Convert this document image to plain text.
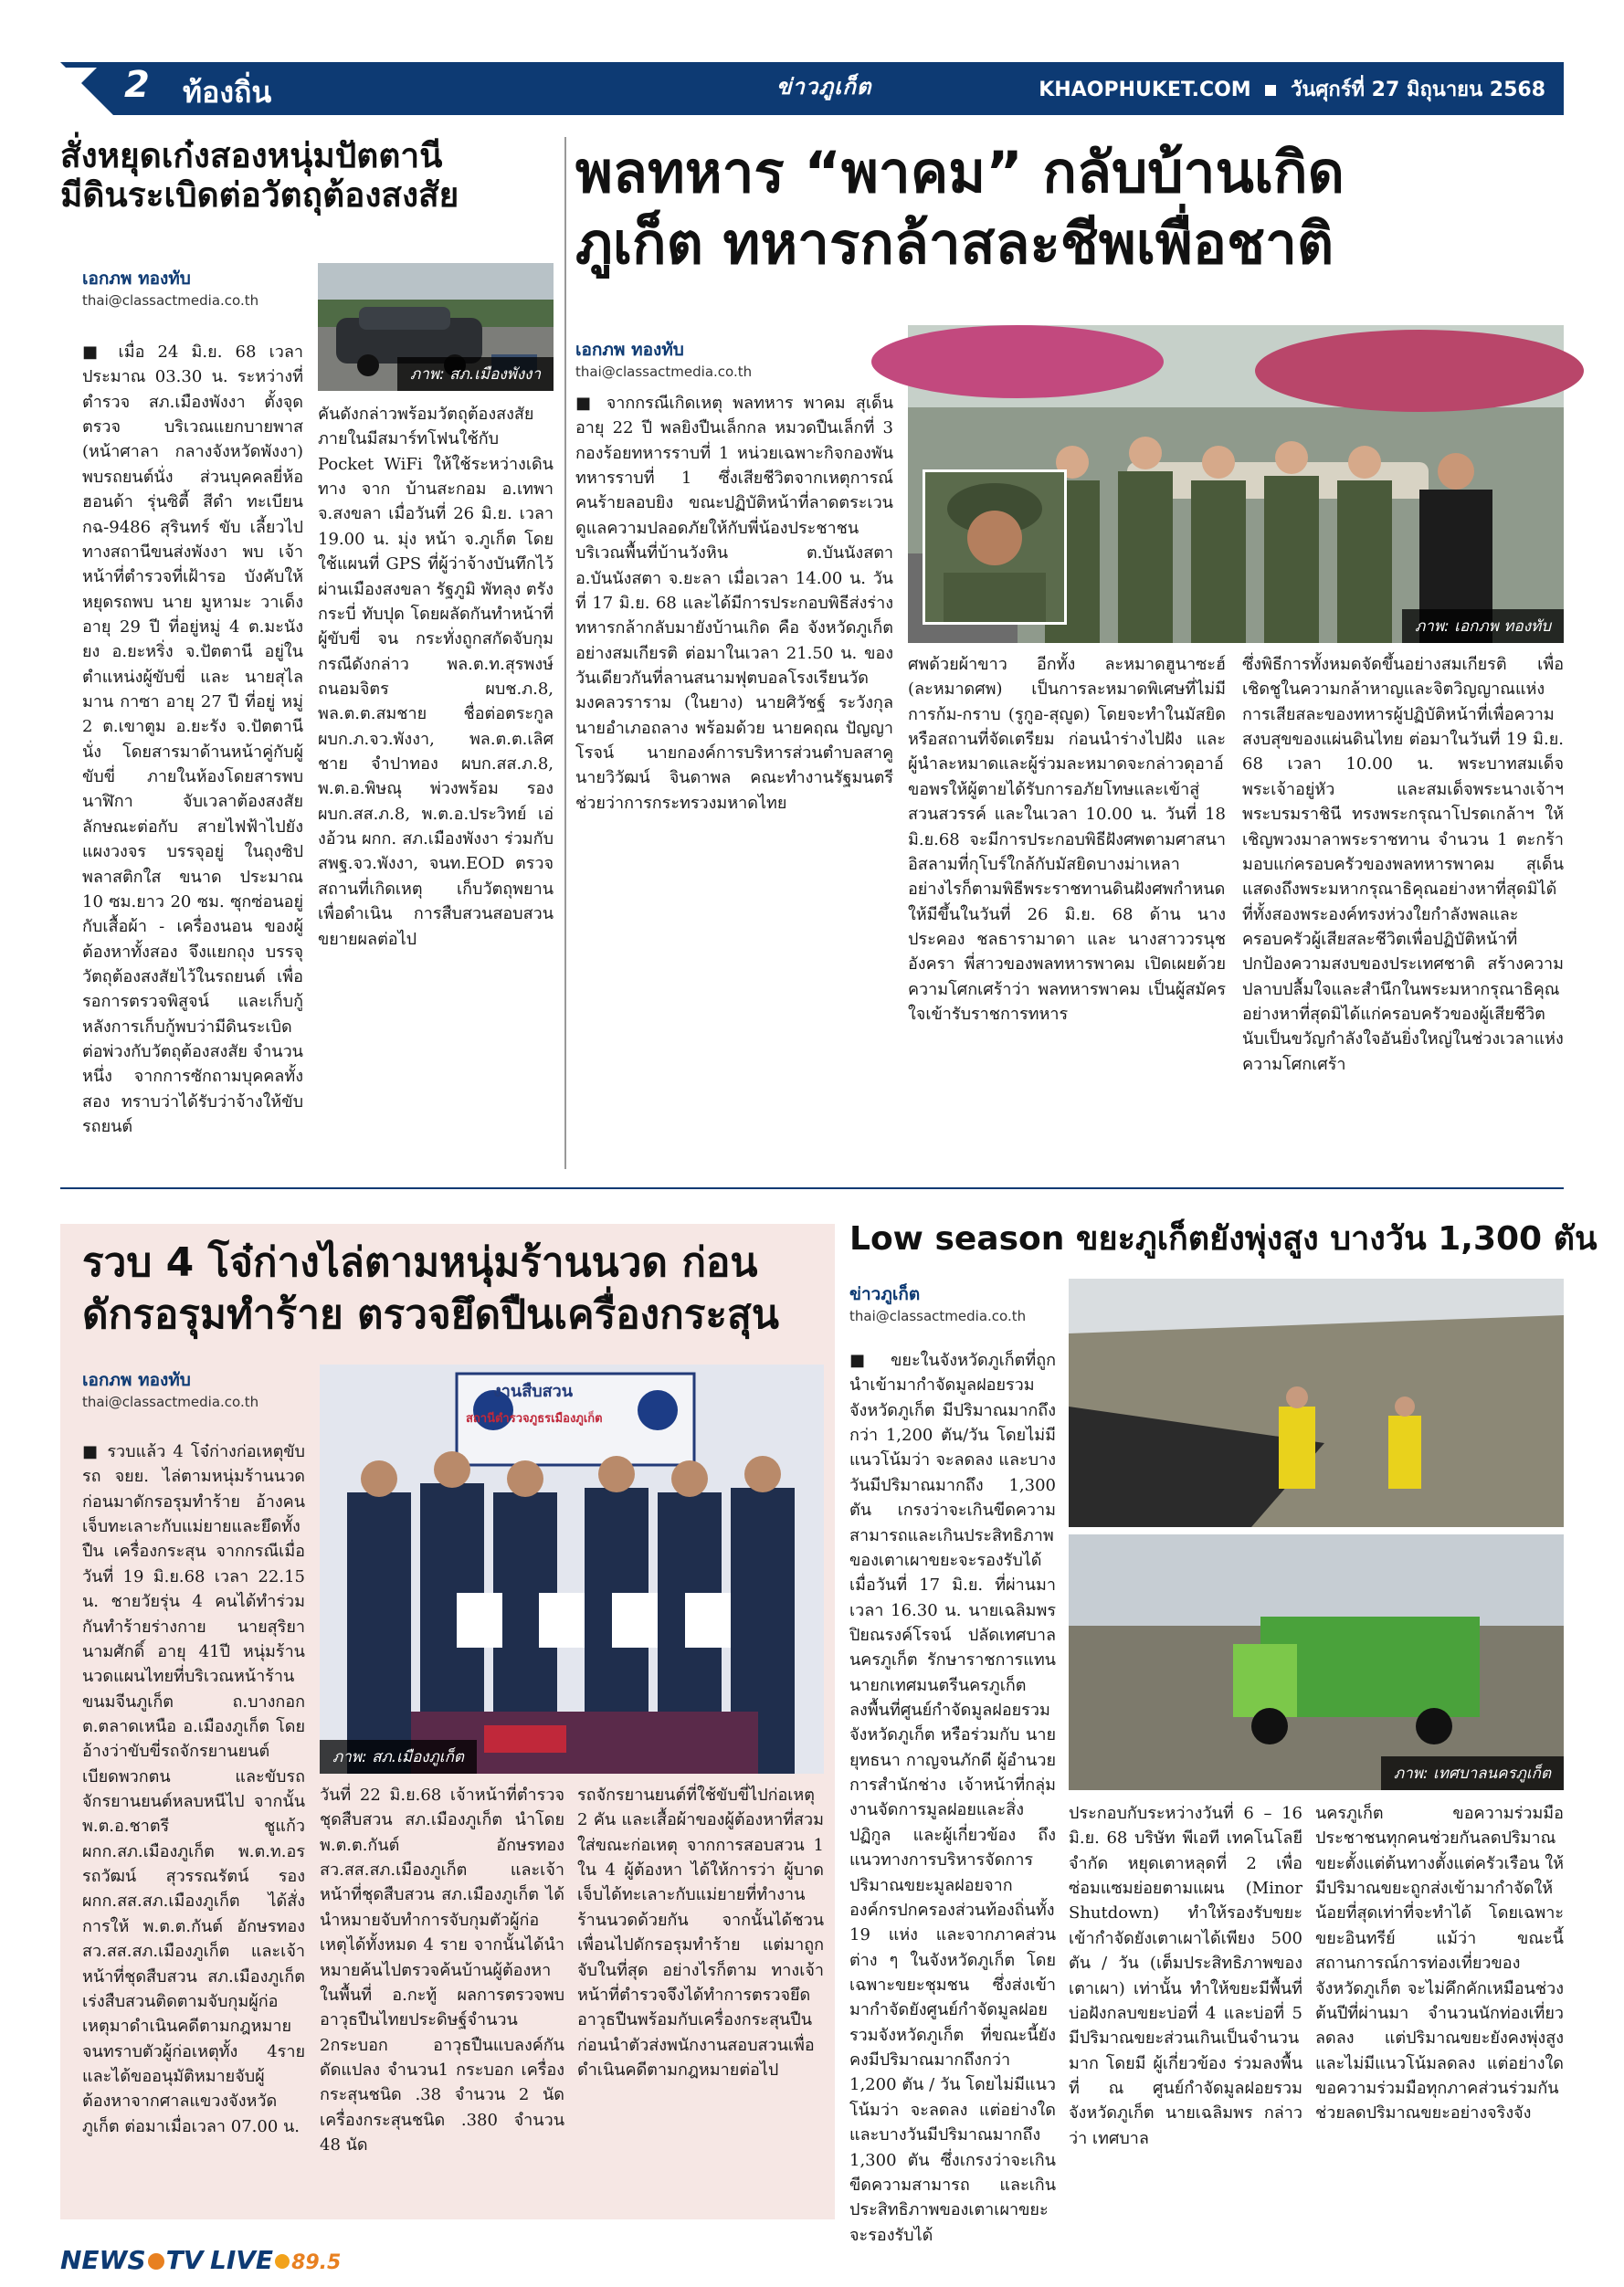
2 ท้องถิ่น	ข่าวภูเก็ต	KHAOPHUKET.COM วันศุกร์ที่ 27 มิถุนายน 2568
สั่งหยุดเก๋งสองหนุ่มปัตตานี
มีดินระเบิดต่อวัตถุต้องสงสัย
เอกภพ ทองทับ
thai@classactmedia.co.th
ภาพ: สภ.เมืองพังงา
■ เมื่อ 24 มิ.ย. 68 เวลา ประมาณ 03.30 น. ระหว่างที่ ตำรวจ สภ.เมืองพังงา ตั้งจุดตรวจ บริเวณแยกบายพาส (หน้าศาลา กลางจังหวัดพังงา) พบรถยนต์นั่ง ส่วนบุคคลยี่ห้อฮอนด้า รุ่นซิตี้ สีดำ ทะเบียน กฉ-9486 สุรินทร์ ขับ เลี้ยวไปทางสถานีขนส่งพังงา พบ เจ้าหน้าที่ตำรวจที่เฝ้ารอ บังคับให้หยุดรถพบ นาย มูหามะ วาเด็ง อายุ 29 ปี ที่อยู่หมู่ 4 ต.มะนังยง อ.ยะหริ่ง จ.ปัตตานี อยู่ในตำแหน่งผู้ขับขี่ และ นายสุไลมาน กาซา อายุ 27 ปี ที่อยู่ หมู่ 2 ต.เขาตูม อ.ยะรัง จ.ปัตตานี นั่ง โดยสารมาด้านหน้าคู่กับผู้ขับขี่ ภายในห้องโดยสารพบนาฬิกา จับเวลาต้องสงสัย ลักษณะต่อกับ สายไฟฟ้าไปยังแผงวงจร บรรจุอยู่ ในถุงซิปพลาสติกใส ขนาด ประมาณ 10 ซม.ยาว 20 ซม. ซุกซ่อนอยู่กับเสื้อผ้า - เครื่องนอน ของผู้ต้องหาทั้งสอง จึงแยกถุง บรรจุวัตถุต้องสงสัยไว้ในรถยนต์ เพื่อรอการตรวจพิสูจน์ และเก็บกู้ หลังการเก็บกู้พบว่ามีดินระเบิดต่อพ่วงกับวัตถุต้องสงสัย จำนวนหนึ่ง จากการซักถามบุคคลทั้งสอง ทราบว่าได้รับว่าจ้างให้ขับรถยนต์
คันดังกล่าวพร้อมวัตถุต้องสงสัย ภายในมีสมาร์ทโฟนใช้กับ Pocket WiFi ให้ใช้ระหว่างเดินทาง จาก บ้านสะกอม อ.เทพา จ.สงขลา เมื่อวันที่ 26 มิ.ย. เวลา 19.00 น. มุ่ง หน้า จ.ภูเก็ต โดยใช้แผนที่ GPS ที่ผู้ว่าจ้างบันทึกไว้ผ่านเมืองสงขลา รัฐภูมิ พัทลุง ตรัง กระบี่ ทับปุด โดยผลัดกันทำหน้าที่ผู้ขับขี่ จน กระทั่งถูกสกัดจับกุม กรณีดังกล่าว พล.ต.ท.สุรพงษ์ ถนอมจิตร ผบช.ภ.8, พล.ต.ต.สมชาย ชื่อต่อตระกูล ผบก.ภ.จว.พังงา, พล.ต.ต.เลิศชาย จำปาทอง ผบก.สส.ภ.8, พ.ต.อ.พิษณุ พ่วงพร้อม รอง ผบก.สส.ภ.8, พ.ต.อ.ประวิทย์ เอ่งอ้วน ผกก. สภ.เมืองพังงา ร่วมกับ สพฐ.จว.พังงา, จนท.EOD ตรวจสถานที่เกิดเหตุ เก็บวัตถุพยาน เพื่อดำเนิน การสืบสวนสอบสวนขยายผลต่อไป
พลทหาร “พาคม” กลับบ้านเกิด
ภูเก็ต ทหารกล้าสละชีพเพื่อชาติ
เอกภพ ทองทับ
thai@classactmedia.co.th
ภาพ: เอกภพ ทองทับ
■ จากกรณีเกิดเหตุ พลทหาร พาคม สุเด็น อายุ 22 ปี พลยิงปืนเล็กกล หมวดปืนเล็กที่ 3 กองร้อยทหารราบที่ 1 หน่วยเฉพาะกิจกองพันทหารราบที่ 1 ซึ่งเสียชีวิตจากเหตุการณ์คนร้ายลอบยิง ขณะปฏิบัติหน้าที่ลาดตระเวน ดูแลความปลอดภัยให้กับพี่น้องประชาชน บริเวณพื้นที่บ้านวังหิน ต.บันนังสตา อ.บันนังสตา จ.ยะลา เมื่อเวลา 14.00 น. วันที่ 17 มิ.ย. 68 และได้มีการประกอบพิธีส่งร่างทหารกล้ากลับมายังบ้านเกิด คือ จังหวัดภูเก็ต อย่างสมเกียรติ ต่อมาในเวลา 21.50 น. ของวันเดียวกันที่ลานสนามฟุตบอลโรงเรียนวัดมงคลวราราม (ในยาง) นายศิวัชฐ์ ระวังกุล นายอำเภอถลาง พร้อมด้วย นายคฤณ ปัญญาโรจน์ นายกองค์การบริหารส่วนตำบลสาคู นายวิวัฒน์ จินดาพล คณะทำงานรัฐมนตรีช่วยว่าการกระทรวงมหาดไทย
ศพด้วยผ้าขาว อีกทั้ง ละหมาดฮูนาซะฮ์ (ละหมาดศพ) เป็นการละหมาดพิเศษที่ไม่มีการก้ม-กราบ (รูกูอ-สุญูด) โดยจะทำในมัสยิดหรือสถานที่จัดเตรียม ก่อนนำร่างไปฝัง และผู้นำละหมาดและผู้ร่วมละหมาดจะกล่าวดุอาอ์ขอพรให้ผู้ตายได้รับการอภัยโทษและเข้าสู่สวนสวรรค์ และในเวลา 10.00 น. วันที่ 18 มิ.ย.68 จะมีการประกอบพิธีฝังศพตามศาสนาอิสลามที่กุโบร์ใกล้กับมัสยิดบางม่าเหลา อย่างไรก็ตามพิธีพระราชทานดินฝังศพกำหนดให้มีขึ้นในวันที่ 26 มิ.ย. 68 ด้าน นางประคอง ชลธารามาดา และ นางสาววรนุช อังครา พี่สาวของพลทหารพาคม เปิดเผยด้วยความโศกเศร้าว่า พลทหารพาคม เป็นผู้สมัครใจเข้ารับราชการทหาร
ซึ่งพิธีการทั้งหมดจัดขึ้นอย่างสมเกียรติ เพื่อเชิดชูในความกล้าหาญและจิตวิญญาณแห่งการเสียสละของทหารผู้ปฏิบัติหน้าที่เพื่อความสงบสุขของแผ่นดินไทย ต่อมาในวันที่ 19 มิ.ย. 68 เวลา 10.00 น. พระบาทสมเด็จพระเจ้าอยู่หัว และสมเด็จพระนางเจ้าฯ พระบรมราชินี ทรงพระกรุณาโปรดเกล้าฯ ให้เชิญพวงมาลาพระราชทาน จำนวน 1 ตะกร้า มอบแก่ครอบครัวของพลทหารพาคม สุเด็น แสดงถึงพระมหากรุณาธิคุณอย่างหาที่สุดมิได้ ที่ทั้งสองพระองค์ทรงห่วงใยกำลังพลและครอบครัวผู้เสียสละชีวิตเพื่อปฏิบัติหน้าที่ปกป้องความสงบของประเทศชาติ สร้างความปลาบปลื้มใจและสำนึกในพระมหากรุณาธิคุณอย่างหาที่สุดมิได้แก่ครอบครัวของผู้เสียชีวิต นับเป็นขวัญกำลังใจอันยิ่งใหญ่ในช่วงเวลาแห่งความโศกเศร้า
รวบ 4 โจ๋ก่างไล่ตามหนุ่มร้านนวด ก่อน
ดักรอรุมทำร้าย ตรวจยึดปืนเครื่องกระสุน
เอกภพ ทองทับ
thai@classactmedia.co.th
งานสืบสวน
สถานีตำรวจภูธรเมืองภูเก็ต
ภาพ: สภ.เมืองภูเก็ต
■ รวบแล้ว 4 โจ๋ก่างก่อเหตุขับรถ จยย. ไล่ตามหนุ่มร้านนวดก่อนมาดักรอรุมทำร้าย อ้างคนเจ็บทะเลาะกับแม่ยายและยึดทั้งปืน เครื่องกระสุน จากกรณีเมื่อวันที่ 19 มิ.ย.68 เวลา 22.15 น. ชายวัยรุ่น 4 คนได้ทำร่วมกันทำร้ายร่างกาย นายสุริยา นามศักดิ์ อายุ 41ปี หนุ่มร้านนวดแผนไทยที่บริเวณหน้าร้านขนมจีนภูเก็ต ถ.บางกอก ต.ตลาดเหนือ อ.เมืองภูเก็ต โดยอ้างว่าขับขี่รถจักรยานยนต์เบียดพวกตน และขับรถจักรยานยนต์หลบหนีไป จากนั้น พ.ต.อ.ชาตรี ชูแก้ว ผกก.สภ.เมืองภูเก็ต พ.ต.ท.อรรถวัฒน์ สุวรรณรัตน์ รองผกก.สส.สภ.เมืองภูเก็ต ได้สั่งการให้ พ.ต.ต.กันต์ อักษรทอง สว.สส.สภ.เมืองภูเก็ต และเจ้าหน้าที่ชุดสืบสวน สภ.เมืองภูเก็ต เร่งสืบสวนติดตามจับกุมผู้ก่อเหตุมาดำเนินคดีตามกฎหมาย จนทราบตัวผู้ก่อเหตุทั้ง 4ราย และได้ขออนุมัติหมายจับผู้ต้องหาจากศาลแขวงจังหวัดภูเก็ต ต่อมาเมื่อเวลา 07.00 น.
วันที่ 22 มิ.ย.68 เจ้าหน้าที่ตำรวจชุดสืบสวน สภ.เมืองภูเก็ต นำโดย พ.ต.ต.กันต์ อักษรทอง สว.สส.สภ.เมืองภูเก็ต และเจ้าหน้าที่ชุดสืบสวน สภ.เมืองภูเก็ต ได้นำหมายจับทำการจับกุมตัวผู้ก่อเหตุได้ทั้งหมด 4 ราย จากนั้นได้นำหมายค้นไปตรวจค้นบ้านผู้ต้องหาในพื้นที่ อ.กะทู้ ผลการตรวจพบ อาวุธปืนไทยประดิษฐ์จำนวน 2กระบอก อาวุธปืนแบลงค์กันดัดแปลง จำนวน1 กระบอก เครื่องกระสุนชนิด .38 จำนวน 2 นัด เครื่องกระสุนชนิด .380 จำนวน 48 นัด
รถจักรยานยนต์ที่ใช้ขับขี่ไปก่อเหตุ 2 คัน และเสื้อผ้าของผู้ต้องหาที่สวมใส่ขณะก่อเหตุ จากการสอบสวน 1 ใน 4 ผู้ต้องหา ได้ให้การว่า ผู้บาดเจ็บได้ทะเลาะกับแม่ยายที่ทำงานร้านนวดด้วยกัน จากนั้นได้ชวนเพื่อนไปดักรอรุมทำร้าย แต่มาถูกจับในที่สุด อย่างไรก็ตาม ทางเจ้าหน้าที่ตำรวจจึงได้ทำการตรวจยึดอาวุธปืนพร้อมกับเครื่องกระสุนปืน ก่อนนำตัวส่งพนักงานสอบสวนเพื่อดำเนินคดีตามกฎหมายต่อไป
Low season ขยะภูเก็ตยังพุ่งสูง บางวัน 1,300 ตัน
ข่าวภูเก็ต
thai@classactmedia.co.th
ภาพ: เทศบาลนครภูเก็ต
■ ขยะในจังหวัดภูเก็ตที่ถูกนำเข้ามากำจัดมูลฝอยรวมจังหวัดภูเก็ต มีปริมาณมากถึงกว่า 1,200 ตัน/วัน โดยไม่มีแนวโน้มว่า จะลดลง และบางวันมีปริมาณมากถึง 1,300 ตัน เกรงว่าจะเกินขีดความสามารถและเกินประสิทธิภาพของเตาเผาขยะจะรองรับได้ เมื่อวันที่ 17 มิ.ย. ที่ผ่านมา เวลา 16.30 น. นายเฉลิมพร ปิยณรงค์โรจน์ ปลัดเทศบาลนครภูเก็ต รักษาราชการแทนนายกเทศมนตรีนครภูเก็ต ลงพื้นที่ศูนย์กำจัดมูลฝอยรวมจังหวัดภูเก็ต หรือร่วมกับ นายยุทธนา กาญจนภักดี ผู้อำนวยการสำนักช่าง เจ้าหน้าที่กลุ่มงานจัดการมูลฝอยและสิ่งปฏิกูล และผู้เกี่ยวข้อง ถึงแนวทางการบริหารจัดการปริมาณขยะมูลฝอยจากองค์กรปกครองส่วนท้องถิ่นทั้ง 19 แห่ง และจากภาคส่วนต่าง ๆ ในจังหวัดภูเก็ต โดยเฉพาะขยะชุมชน ซึ่งส่งเข้ามากำจัดยังศูนย์กำจัดมูลฝอยรวมจังหวัดภูเก็ต ที่ขณะนี้ยังคงมีปริมาณมากถึงกว่า 1,200 ตัน / วัน โดยไม่มีแนวโน้มว่า จะลดลง แต่อย่างใด และบางวันมีปริมาณมากถึง 1,300 ตัน ซึ่งเกรงว่าจะเกินขีดความสามารถ และเกินประสิทธิภาพของเตาเผาขยะจะรองรับได้
ประกอบกับระหว่างวันที่ 6 – 16 มิ.ย. 68 บริษัท พีเอที เทคโนโลยี จำกัด หยุดเตาหลุดที่ 2 เพื่อซ่อมแซมย่อยตามแผน (Minor Shutdown) ทำให้รองรับขยะเข้ากำจัดยังเตาเผาได้เพียง 500 ตัน / วัน (เต็มประสิทธิภาพของเตาเผา) เท่านั้น ทำให้ขยะมีพื้นที่บ่อฝังกลบขยะบ่อที่ 4 และบ่อที่ 5 มีปริมาณขยะส่วนเกินเป็นจำนวนมาก โดยมี ผู้เกี่ยวข้อง ร่วมลงพื้นที่ ณ ศูนย์กำจัดมูลฝอยรวมจังหวัดภูเก็ต นายเฉลิมพร กล่าวว่า เทศบาล
นครภูเก็ต ขอความร่วมมือประชาชนทุกคนช่วยกันลดปริมาณขยะตั้งแต่ต้นทางตั้งแต่ครัวเรือน ให้มีปริมาณขยะถูกส่งเข้ามากำจัดให้น้อยที่สุดเท่าที่จะทำได้ โดยเฉพาะขยะอินทรีย์ แม้ว่า ขณะนี้สถานการณ์การท่องเที่ยวของจังหวัดภูเก็ต จะไม่คึกคักเหมือนช่วงต้นปีที่ผ่านมา จำนวนนักท่องเที่ยวลดลง แต่ปริมาณขยะยังคงพุ่งสูง และไม่มีแนวโน้มลดลง แต่อย่างใด ขอความร่วมมือทุกภาคส่วนร่วมกันช่วยลดปริมาณขยะอย่างจริงจัง
NEWS TV LIVE 89.5
